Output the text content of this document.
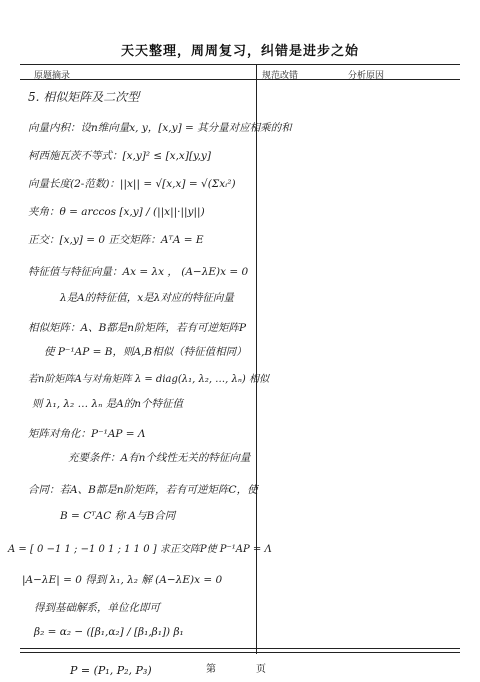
天天整理，周周复习，纠错是进步之始
原题摘录	规范改错	分析原因
5. 相似矩阵及二次型
向量内积：设n维向量x, y，[x,y] = 其分量对应相乘的和
柯西施瓦茨不等式：[x,y]² ≤ [x,x][y,y]
向量长度(2-范数)：||x|| = √[x,x] = √(Σxᵢ²)
夹角：θ = arccos [x,y] / (||x||·||y||)
正交：[x,y] = 0 正交矩阵：AᵀA = E
特征值与特征向量：Ax = λx ， (A−λE)x = 0
λ是A的特征值，x是λ对应的特征向量
相似矩阵：A、B都是n阶矩阵，若有可逆矩阵P
使 P⁻¹AP = B，则A,B相似（特征值相同）
若n阶矩阵A与对角矩阵 λ = diag(λ₁, λ₂, …, λₙ) 相似
则 λ₁, λ₂ … λₙ 是A的n个特征值
矩阵对角化：P⁻¹AP = Λ
充要条件：A有n个线性无关的特征向量
合同：若A、B都是n阶矩阵，若有可逆矩阵C，使
B = CᵀAC 称 A与B合同
A = [ 0 −1 1 ; −1 0 1 ; 1 1 0 ] 求正交阵P使 P⁻¹AP = Λ
|A−λE| = 0 得到 λ₁, λ₂ 解 (A−λE)x = 0
得到基础解系，单位化即可
β₂ = α₂ − ([β₁,α₂] / [β₁,β₁]) β₁
第	页
P = (P₁, P₂, P₃)
